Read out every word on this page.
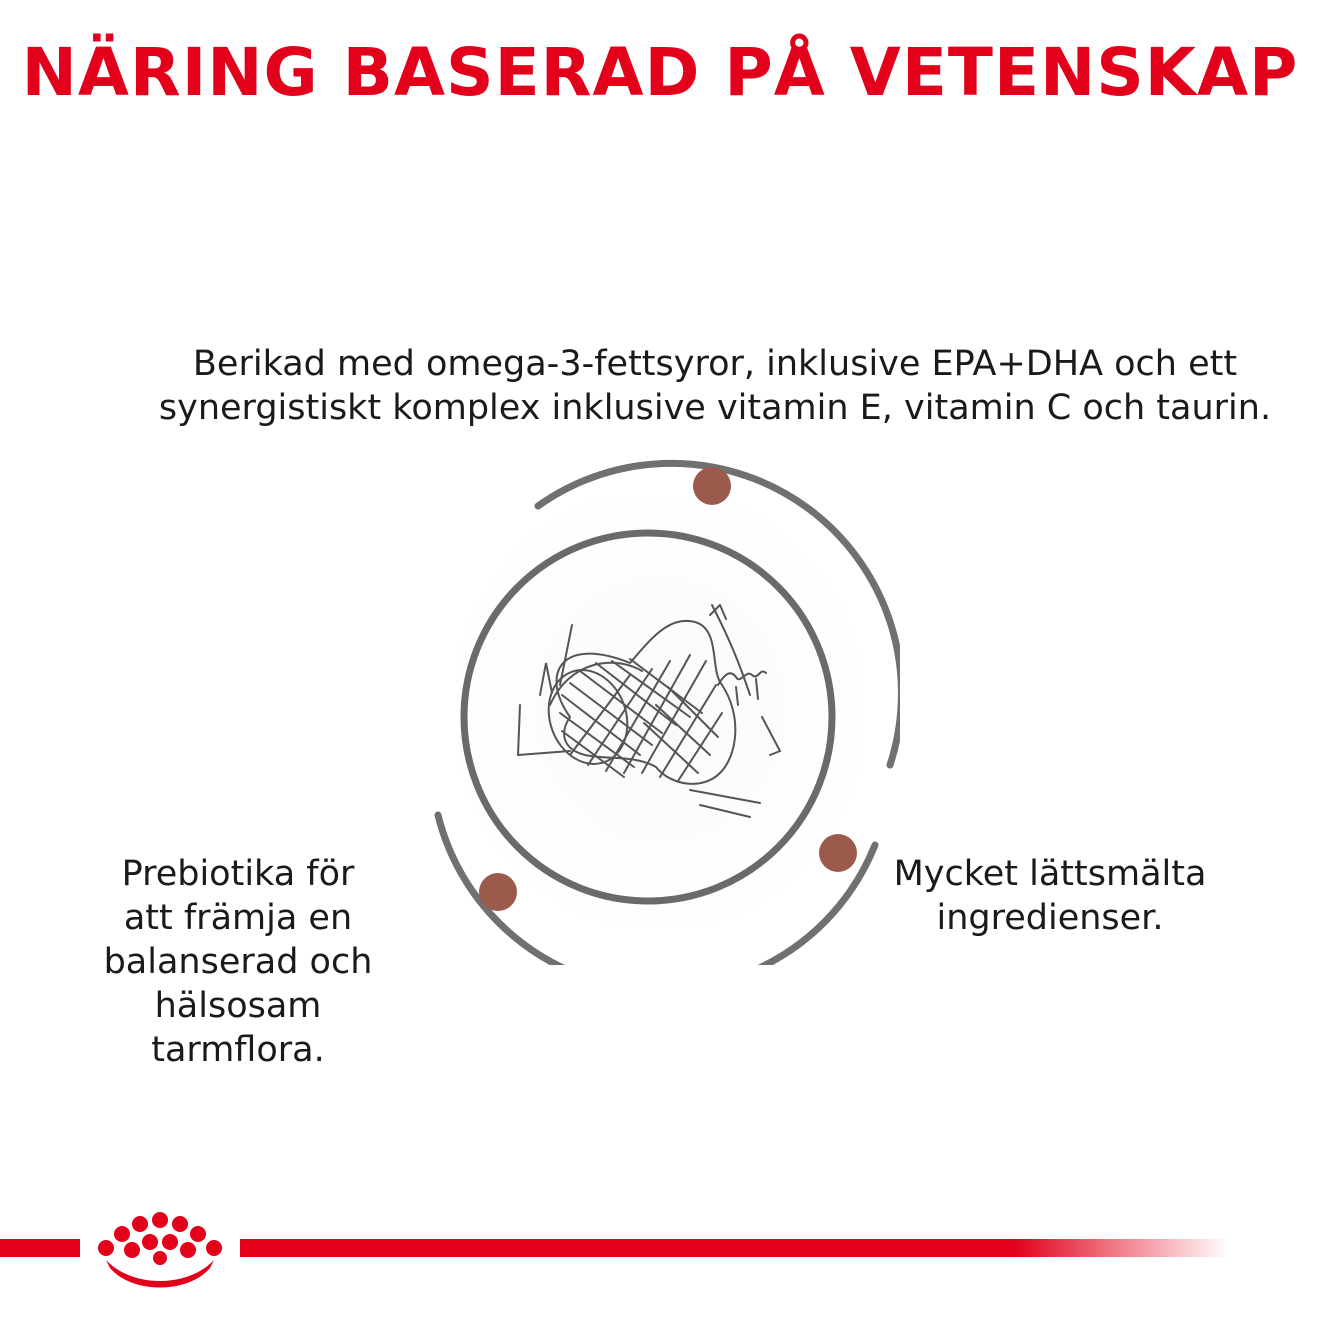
NÄRING BASERAD PÅ VETENSKAP

Berikad med omega-3-fettsyror, inklusive EPA+DHA och ett synergistiskt komplex inklusive vitamin E, vitamin C och taurin.

Prebiotika för att främja en balanserad och hälsosam tarmflora.

Mycket lättsmälta ingredienser.
